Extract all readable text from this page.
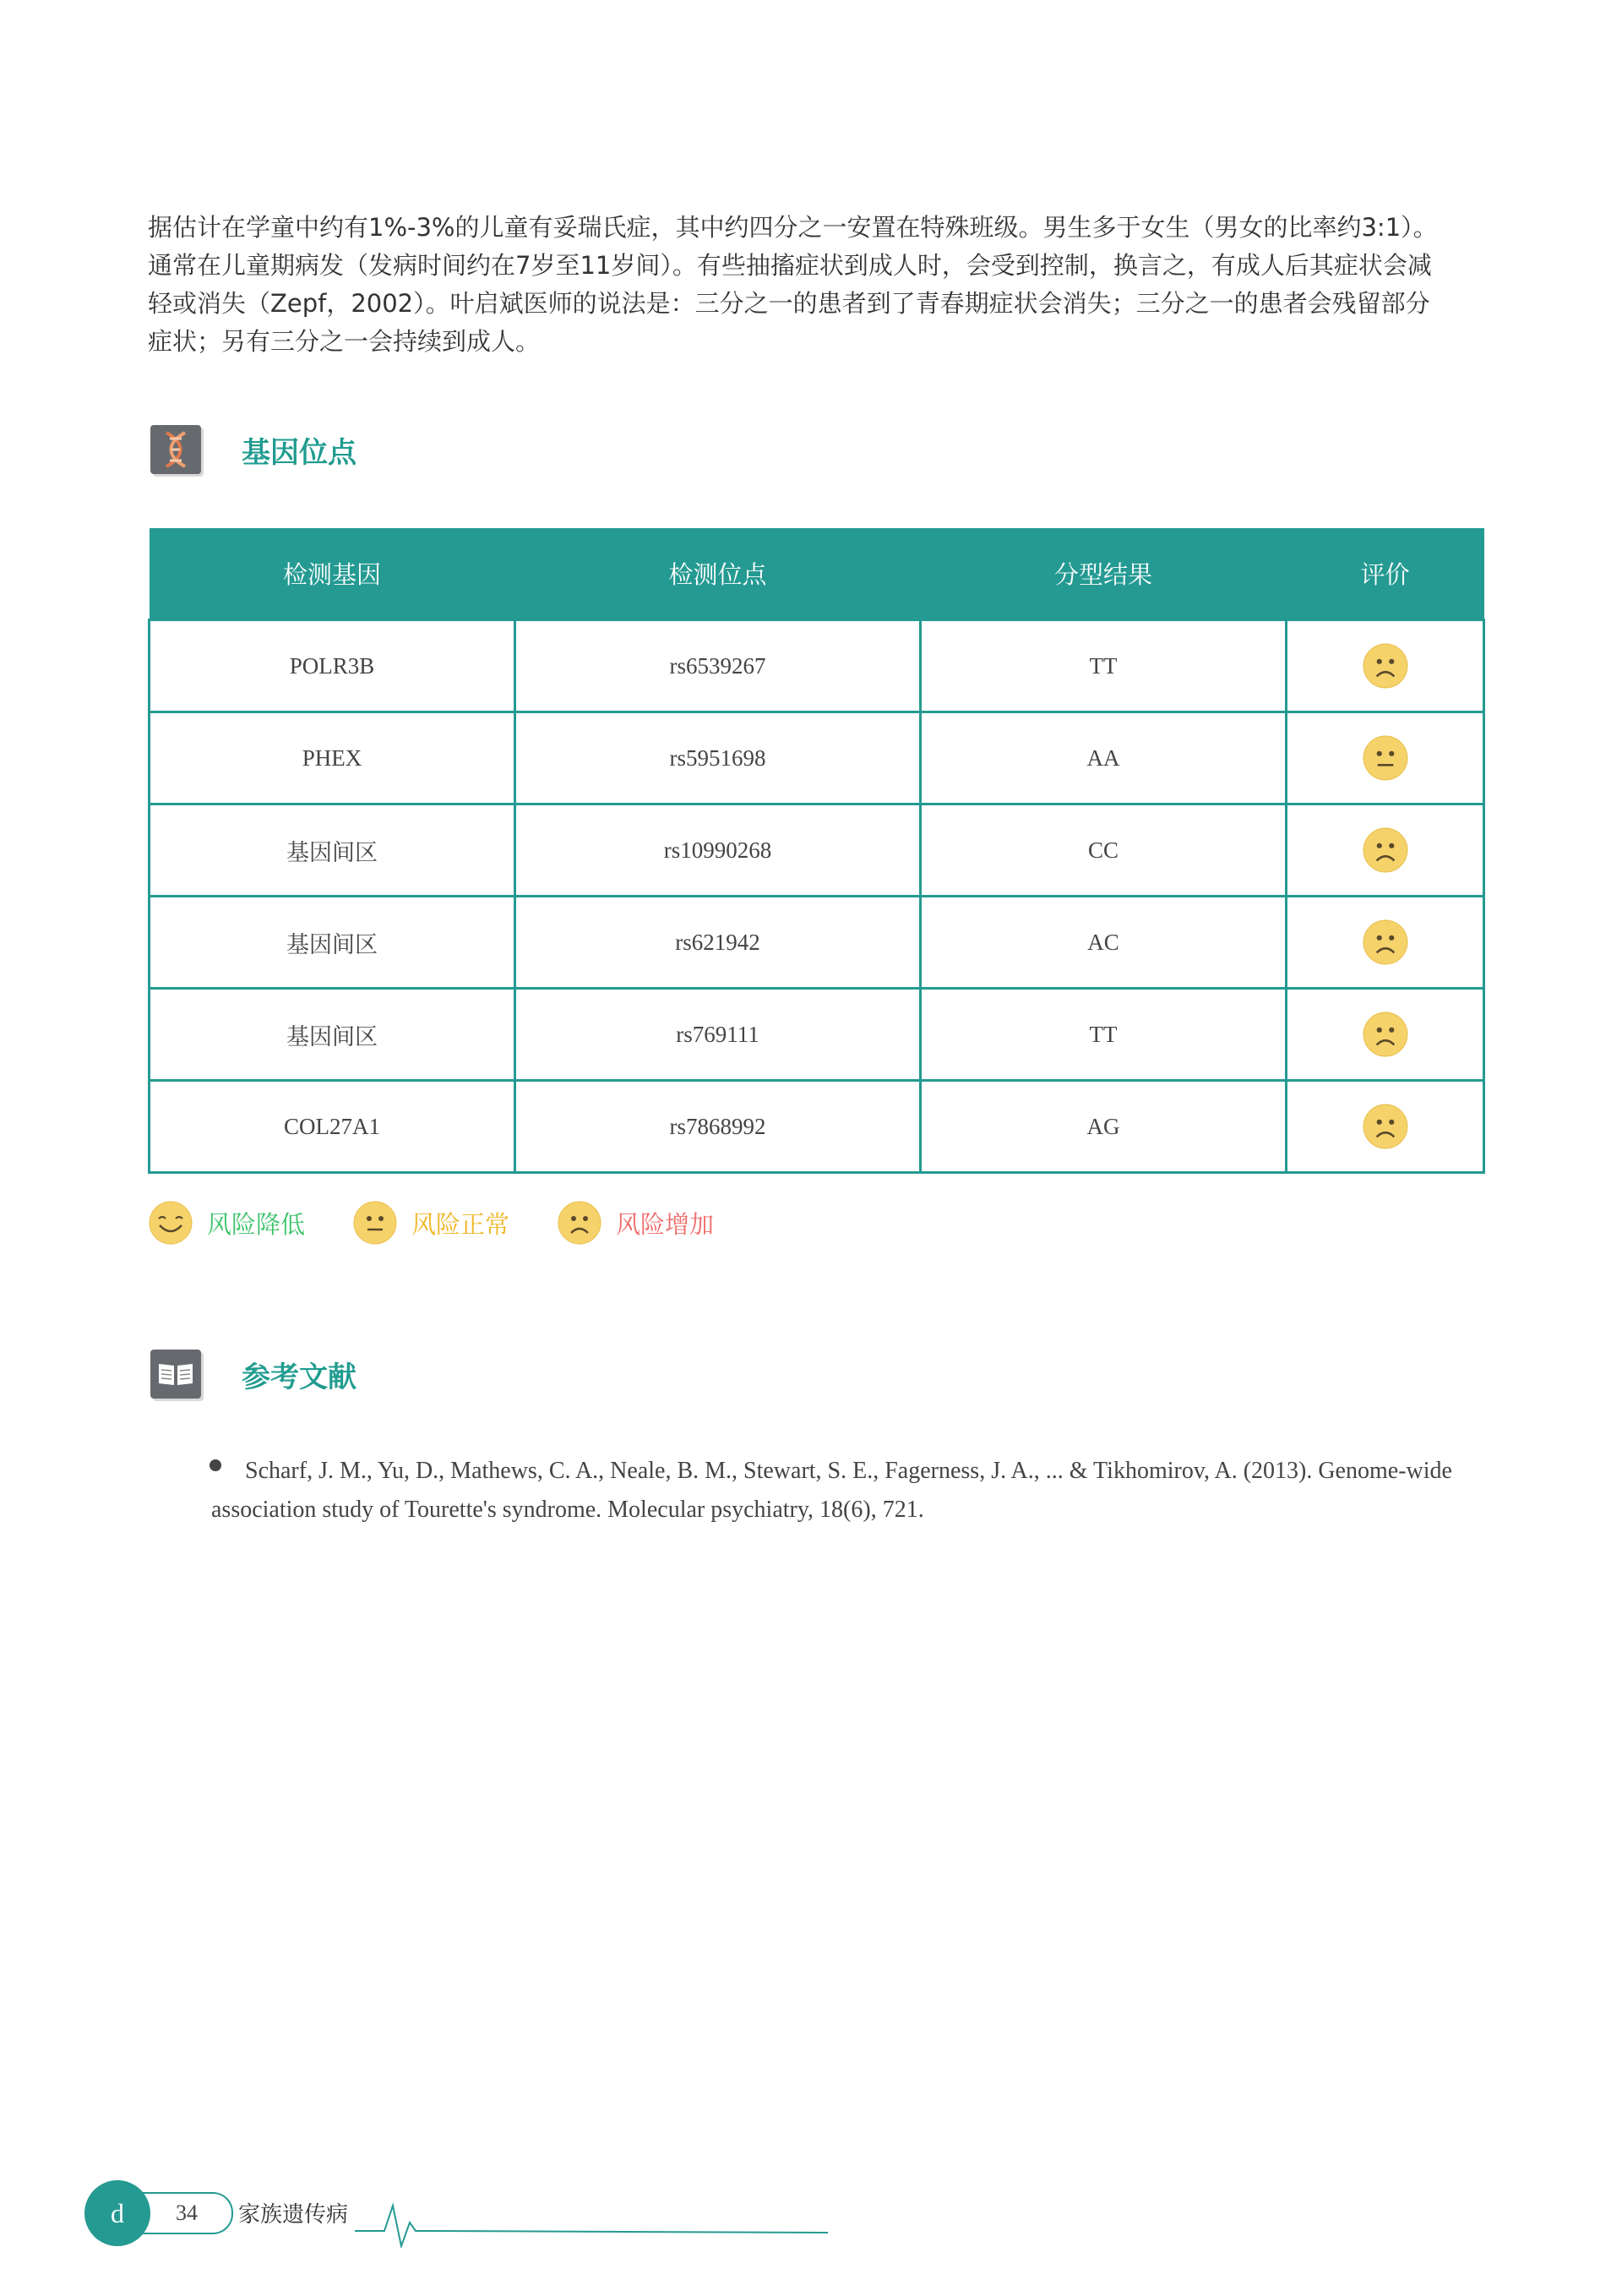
据估计在学童中约有1%-3%的儿童有妥瑞氏症，其中约四分之一安置在特殊班级。男生多于女生（男女的比率约3:1）。

通常在儿童期病发（发病时间约在7岁至11岁间）。有些抽搐症状到成人时，会受到控制，换言之，有成人后其症状会减

轻或消失（Zepf，2002）。叶启斌医师的说法是：三分之一的患者到了青春期症状会消失；三分之一的患者会残留部分

症状；另有三分之一会持续到成人。

基因位点
检测基因	检测位点	分型结果	评价
POLR3B	rs6539267	TT	
PHEX	rs5951698	AA	
基因间区	rs10990268	CC	
基因间区	rs621942	AC	
基因间区	rs769111	TT	
COL27A1	rs7868992	AG	
风险降低	风险正常	风险增加
参考文献
Scharf, J. M., Yu, D., Mathews, C. A., Neale, B. M., Stewart, S. E., Fagerness, J. A., ... & Tikhomirov, A. (2013). Genome-wide association study of Tourette's syndrome. Molecular psychiatry, 18(6), 721.
34
d	家族遗传病
